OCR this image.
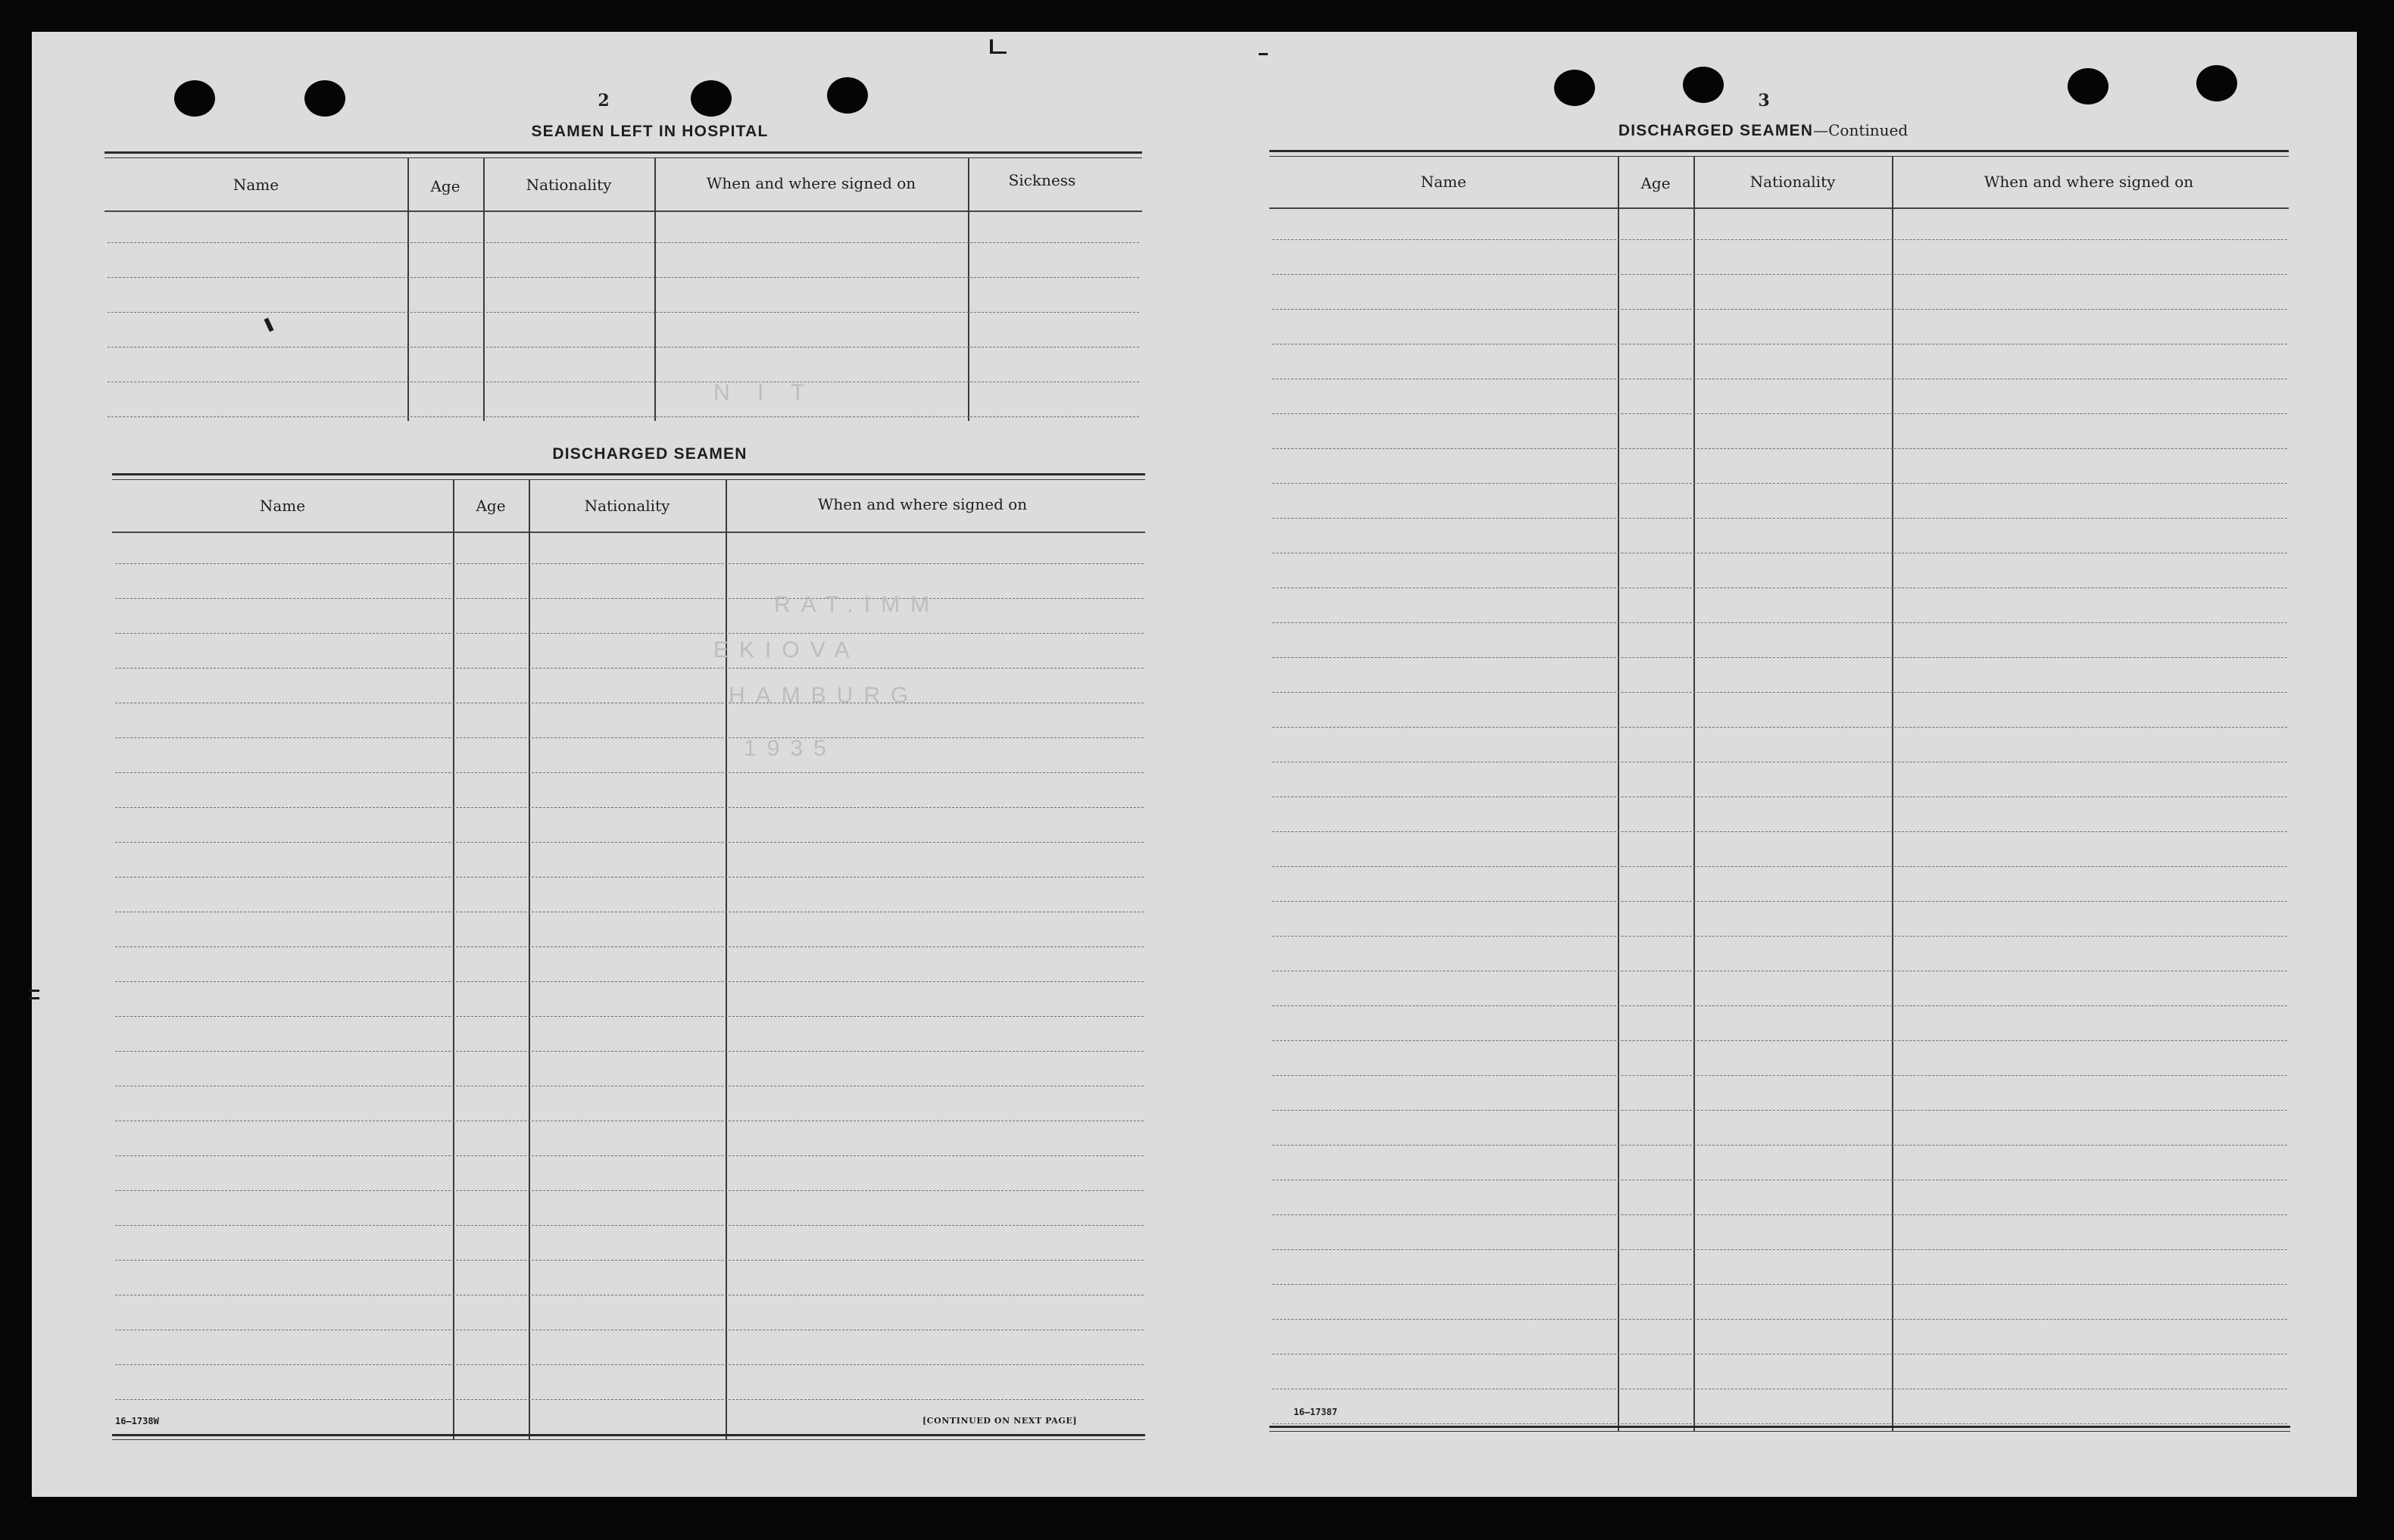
2
SEAMEN LEFT IN HOSPITAL
Name	Age	Nationality	When and where signed on	Sickness
DISCHARGED SEAMEN
Name	Age	Nationality	When and where signed on
16—1738W	[CONTINUED ON NEXT PAGE]
N I T
RAT.IMM
EKIOVA
HAMBURG
1935
3
DISCHARGED SEAMEN—Continued
Name	Age	Nationality	When and where signed on
16—17387
